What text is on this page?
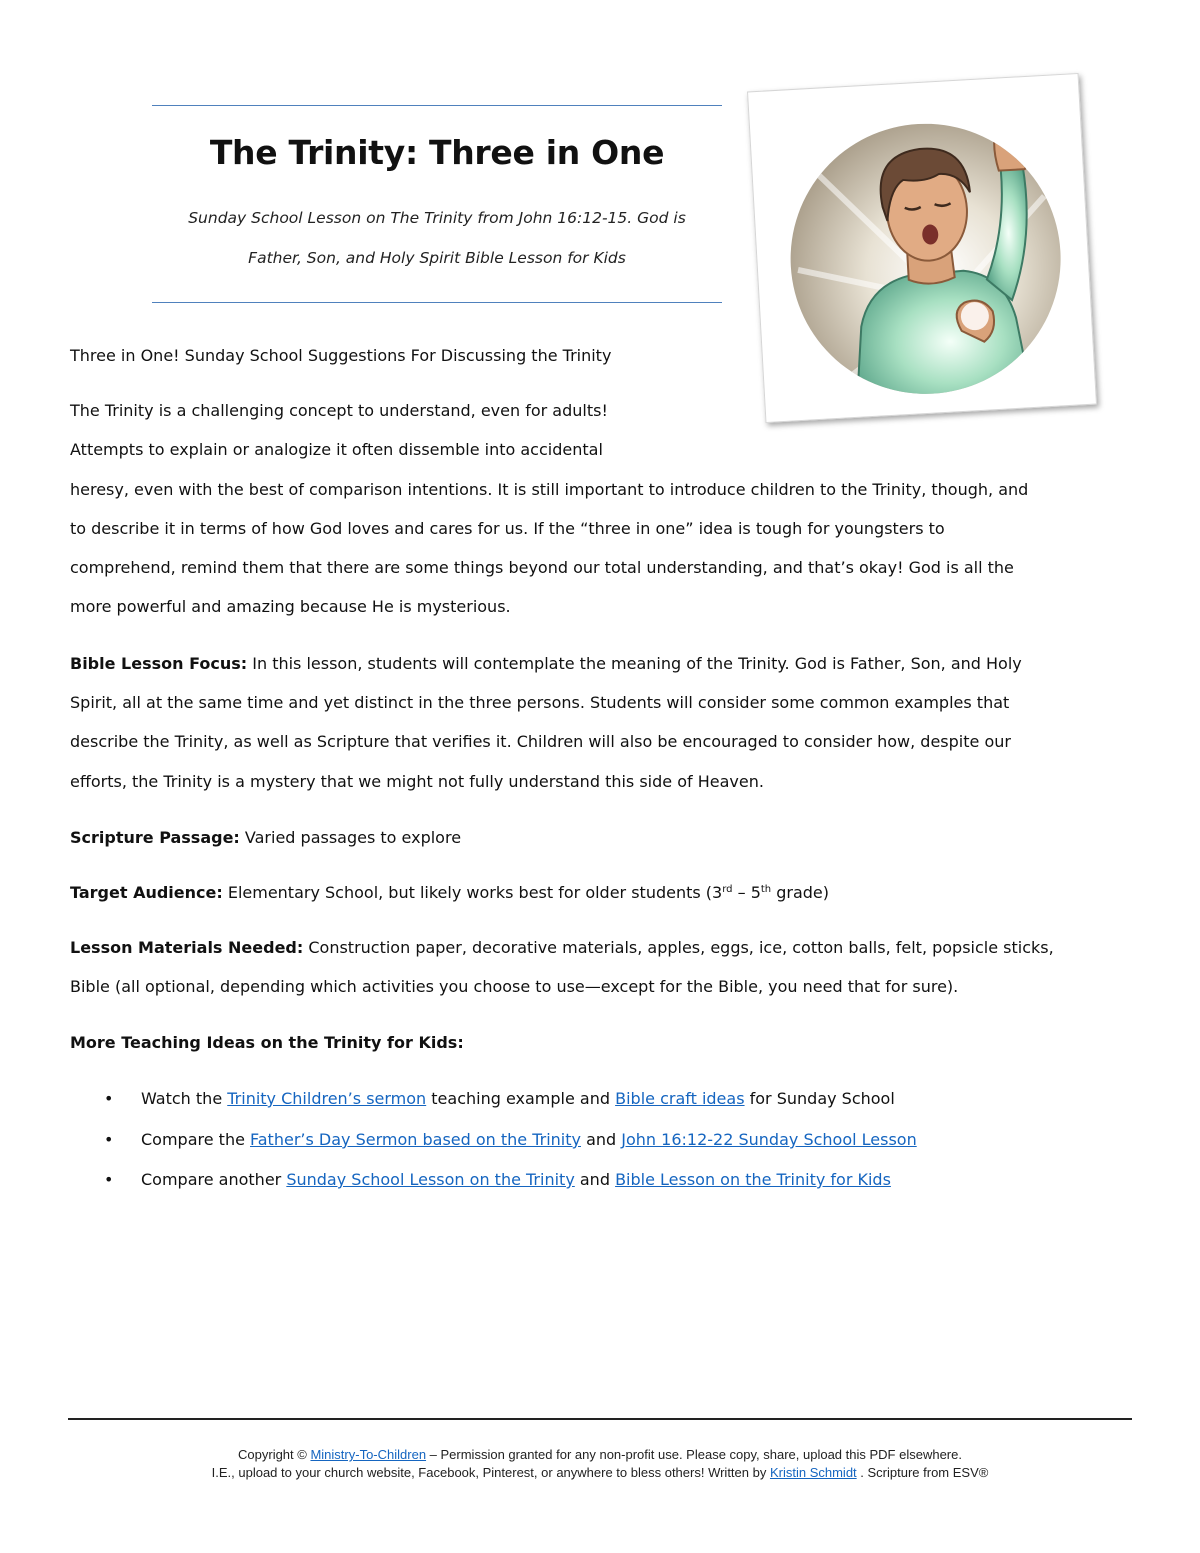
The Trinity: Three in One
Sunday School Lesson on The Trinity from John 16:12-15. God is
Father, Son, and Holy Spirit Bible Lesson for Kids
Three in One! Sunday School Suggestions For Discussing the Trinity
The Trinity is a challenging concept to understand, even for adults!
Attempts to explain or analogize it often dissemble into accidental
heresy, even with the best of comparison intentions. It is still important to introduce children to the Trinity, though, and
to describe it in terms of how God loves and cares for us. If the “three in one” idea is tough for youngsters to
comprehend, remind them that there are some things beyond our total understanding, and that’s okay! God is all the
more powerful and amazing because He is mysterious.
Bible Lesson Focus: In this lesson, students will contemplate the meaning of the Trinity. God is Father, Son, and Holy
Spirit, all at the same time and yet distinct in the three persons. Students will consider some common examples that
describe the Trinity, as well as Scripture that verifies it. Children will also be encouraged to consider how, despite our
efforts, the Trinity is a mystery that we might not fully understand this side of Heaven.
Scripture Passage: Varied passages to explore
Target Audience: Elementary School, but likely works best for older students (3rd – 5th grade)
Lesson Materials Needed: Construction paper, decorative materials, apples, eggs, ice, cotton balls, felt, popsicle sticks,
Bible (all optional, depending which activities you choose to use—except for the Bible, you need that for sure).
More Teaching Ideas on the Trinity for Kids:
• Watch the Trinity Children’s sermon teaching example and Bible craft ideas for Sunday School
• Compare the Father’s Day Sermon based on the Trinity and John 16:12-22 Sunday School Lesson
• Compare another Sunday School Lesson on the Trinity and Bible Lesson on the Trinity for Kids
Copyright © Ministry-To-Children – Permission granted for any non-profit use. Please copy, share, upload this PDF elsewhere.
I.E., upload to your church website, Facebook, Pinterest, or anywhere to bless others! Written by Kristin Schmidt . Scripture from ESV®
